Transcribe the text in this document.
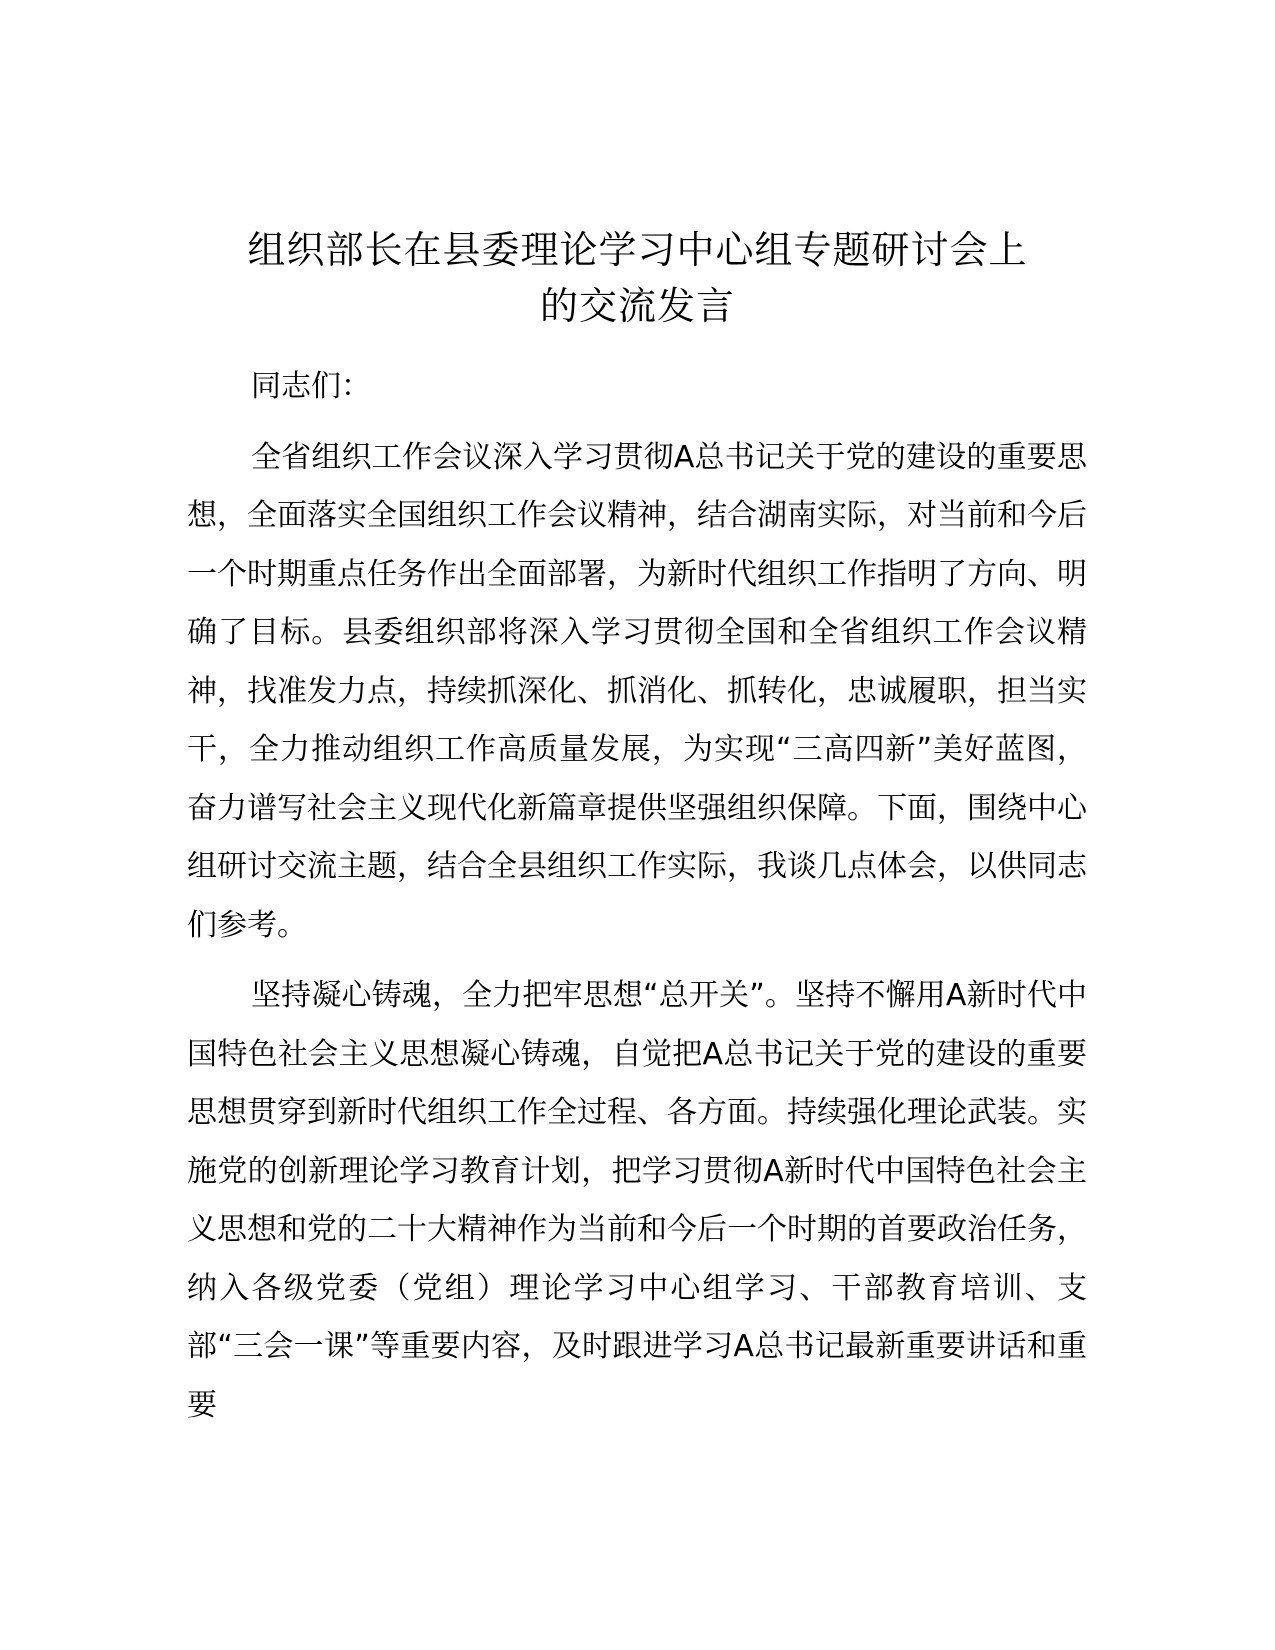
组织部长在县委理论学习中心组专题研讨会上
的交流发言

同志们：

全省组织工作会议深入学习贯彻A总书记关于党的建设的重要思想，全面落实全国组织工作会议精神，结合湖南实际，对当前和今后一个时期重点任务作出全面部署，为新时代组织工作指明了方向、明确了目标。县委组织部将深入学习贯彻全国和全省组织工作会议精神，找准发力点，持续抓深化、抓消化、抓转化，忠诚履职，担当实干，全力推动组织工作高质量发展，为实现“三高四新”美好蓝图，奋力谱写社会主义现代化新篇章提供坚强组织保障。下面，围绕中心组研讨交流主题，结合全县组织工作实际，我谈几点体会，以供同志们参考。

坚持凝心铸魂，全力把牢思想“总开关”。坚持不懈用A新时代中国特色社会主义思想凝心铸魂，自觉把A总书记关于党的建设的重要思想贯穿到新时代组织工作全过程、各方面。持续强化理论武装。实施党的创新理论学习教育计划，把学习贯彻A新时代中国特色社会主义思想和党的二十大精神作为当前和今后一个时期的首要政治任务，纳入各级党委（党组）理论学习中心组学习、干部教育培训、支部“三会一课”等重要内容，及时跟进学习A总书记最新重要讲话和重要
